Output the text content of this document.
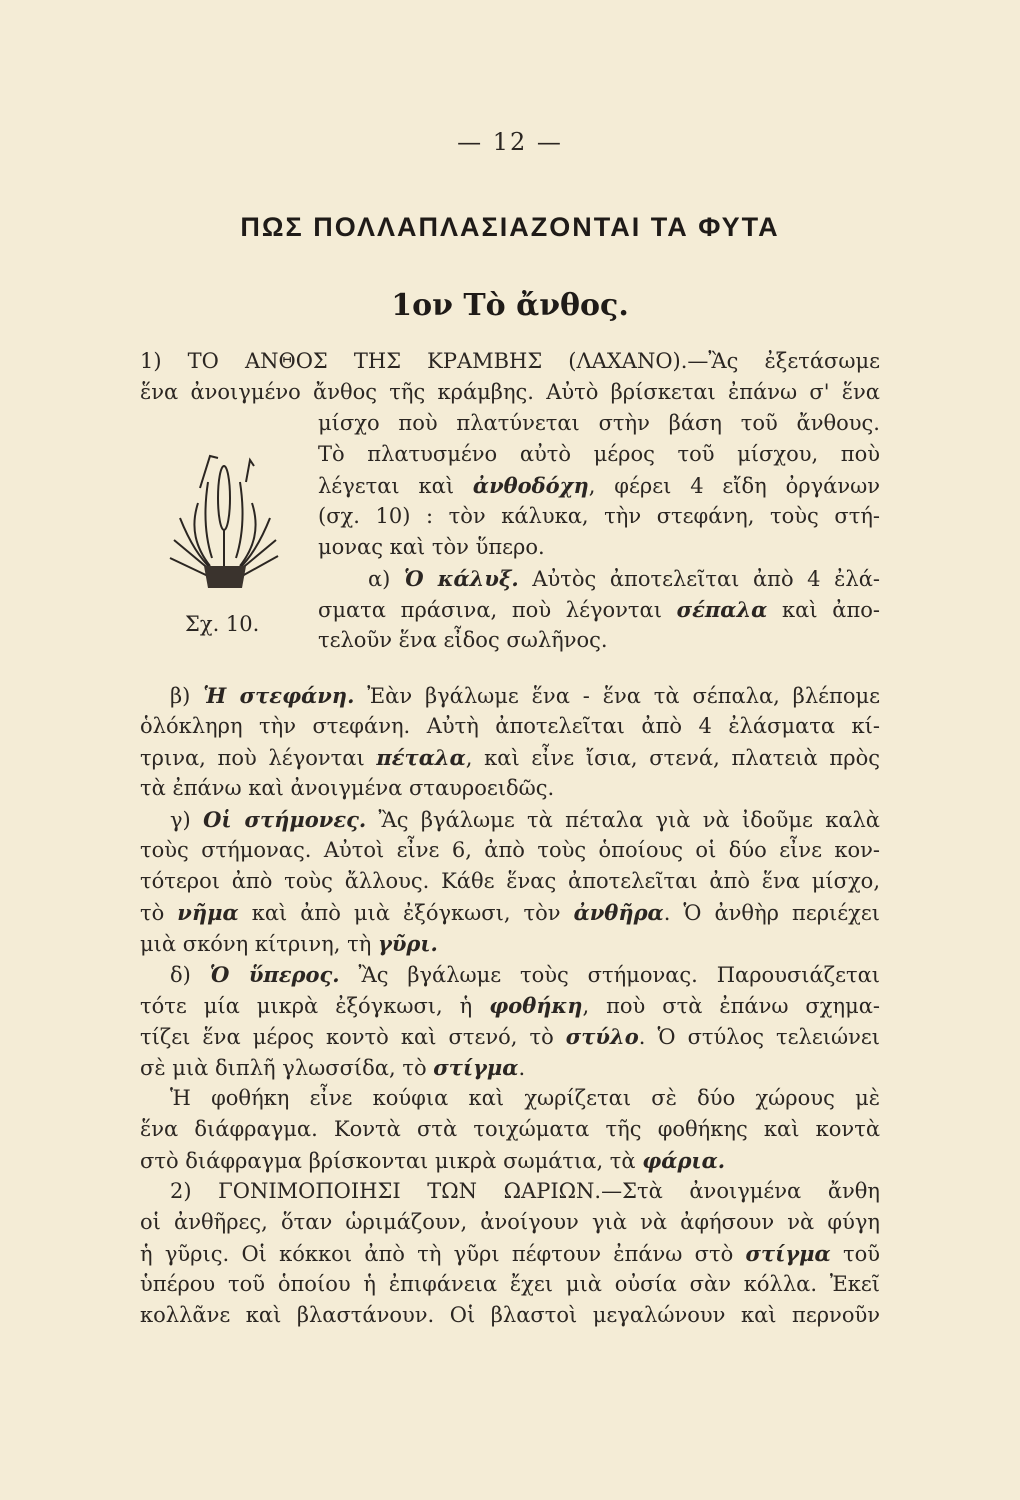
— 12 —
ΠΩΣ ΠΟΛΛΑΠΛΑΣΙΑΖΟΝΤΑΙ ΤΑ ΦΥΤΑ
1ον Τὸ ἄνθος.
1) ΤΟ ΑΝΘΟΣ ΤΗΣ ΚΡΑΜΒΗΣ (ΛΑΧΑΝΟ).—Ἂς ἐξετάσωμε
ἕνα ἀνοιγμένο ἄνθος τῆς κράμβης. Αὐτὸ βρίσκεται ἐπάνω σ' ἕνα
Σχ. 10.
μίσχο ποὺ πλατύνεται στὴν βάση τοῦ ἄνθους.
Τὸ πλατυσμένο αὐτὸ μέρος τοῦ μίσχου, ποὺ
λέγεται καὶ ἀνθοδόχη, φέρει 4 εἴδη ὀργάνων
(σχ. 10) : τὸν κάλυκα, τὴν στεφάνη, τοὺς στή-
μονας καὶ τὸν ὕπερο.
α) Ὁ κάλυξ. Αὐτὸς ἀποτελεῖται ἀπὸ 4 ἐλά-
σματα πράσινα, ποὺ λέγονται σέπαλα καὶ ἀπο-
τελοῦν ἕνα εἶδος σωλῆνος.
β) Ἡ στεφάνη. Ἐὰν βγάλωμε ἕνα - ἕνα τὰ σέπαλα, βλέπομε
ὁλόκληρη τὴν στεφάνη. Αὐτὴ ἀποτελεῖται ἀπὸ 4 ἐλάσματα κί-
τρινα, ποὺ λέγονται πέταλα, καὶ εἶνε ἴσια, στενά, πλατειὰ πρὸς
τὰ ἐπάνω καὶ ἀνοιγμένα σταυροειδῶς.
γ) Οἱ στήμονες. Ἂς βγάλωμε τὰ πέταλα γιὰ νὰ ἰδοῦμε καλὰ
τοὺς στήμονας. Αὐτοὶ εἶνε 6, ἀπὸ τοὺς ὁποίους οἱ δύο εἶνε κον-
τότεροι ἀπὸ τοὺς ἄλλους. Κάθε ἕνας ἀποτελεῖται ἀπὸ ἕνα μίσχο,
τὸ νῆμα καὶ ἀπὸ μιὰ ἐξόγκωσι, τὸν ἀνθῆρα. Ὁ ἀνθὴρ περιέχει
μιὰ σκόνη κίτρινη, τὴ γῦρι.
δ) Ὁ ὕπερος. Ἂς βγάλωμε τοὺς στήμονας. Παρουσιάζεται
τότε μία μικρὰ ἐξόγκωσι, ἡ φοθήκη, ποὺ στὰ ἐπάνω σχημα-
τίζει ἕνα μέρος κοντὸ καὶ στενό, τὸ στύλο. Ὁ στύλος τελειώνει
σὲ μιὰ διπλῆ γλωσσίδα, τὸ στίγμα.
Ἡ φοθήκη εἶνε κούφια καὶ χωρίζεται σὲ δύο χώρους μὲ
ἕνα διάφραγμα. Κοντὰ στὰ τοιχώματα τῆς φοθήκης καὶ κοντὰ
στὸ διάφραγμα βρίσκονται μικρὰ σωμάτια, τὰ φάρια.
2) ΓΟΝΙΜΟΠΟΙΗΣΙ ΤΩΝ ΩΑΡΙΩΝ.—Στὰ ἀνοιγμένα ἄνθη
οἱ ἀνθῆρες, ὅταν ὡριμάζουν, ἀνοίγουν γιὰ νὰ ἀφήσουν νὰ φύγη
ἡ γῦρις. Οἱ κόκκοι ἀπὸ τὴ γῦρι πέφτουν ἐπάνω στὸ στίγμα τοῦ
ὑπέρου τοῦ ὁποίου ἡ ἐπιφάνεια ἔχει μιὰ οὐσία σὰν κόλλα. Ἐκεῖ
κολλᾶνε καὶ βλαστάνουν. Οἱ βλαστοὶ μεγαλώνουν καὶ περνοῦν
